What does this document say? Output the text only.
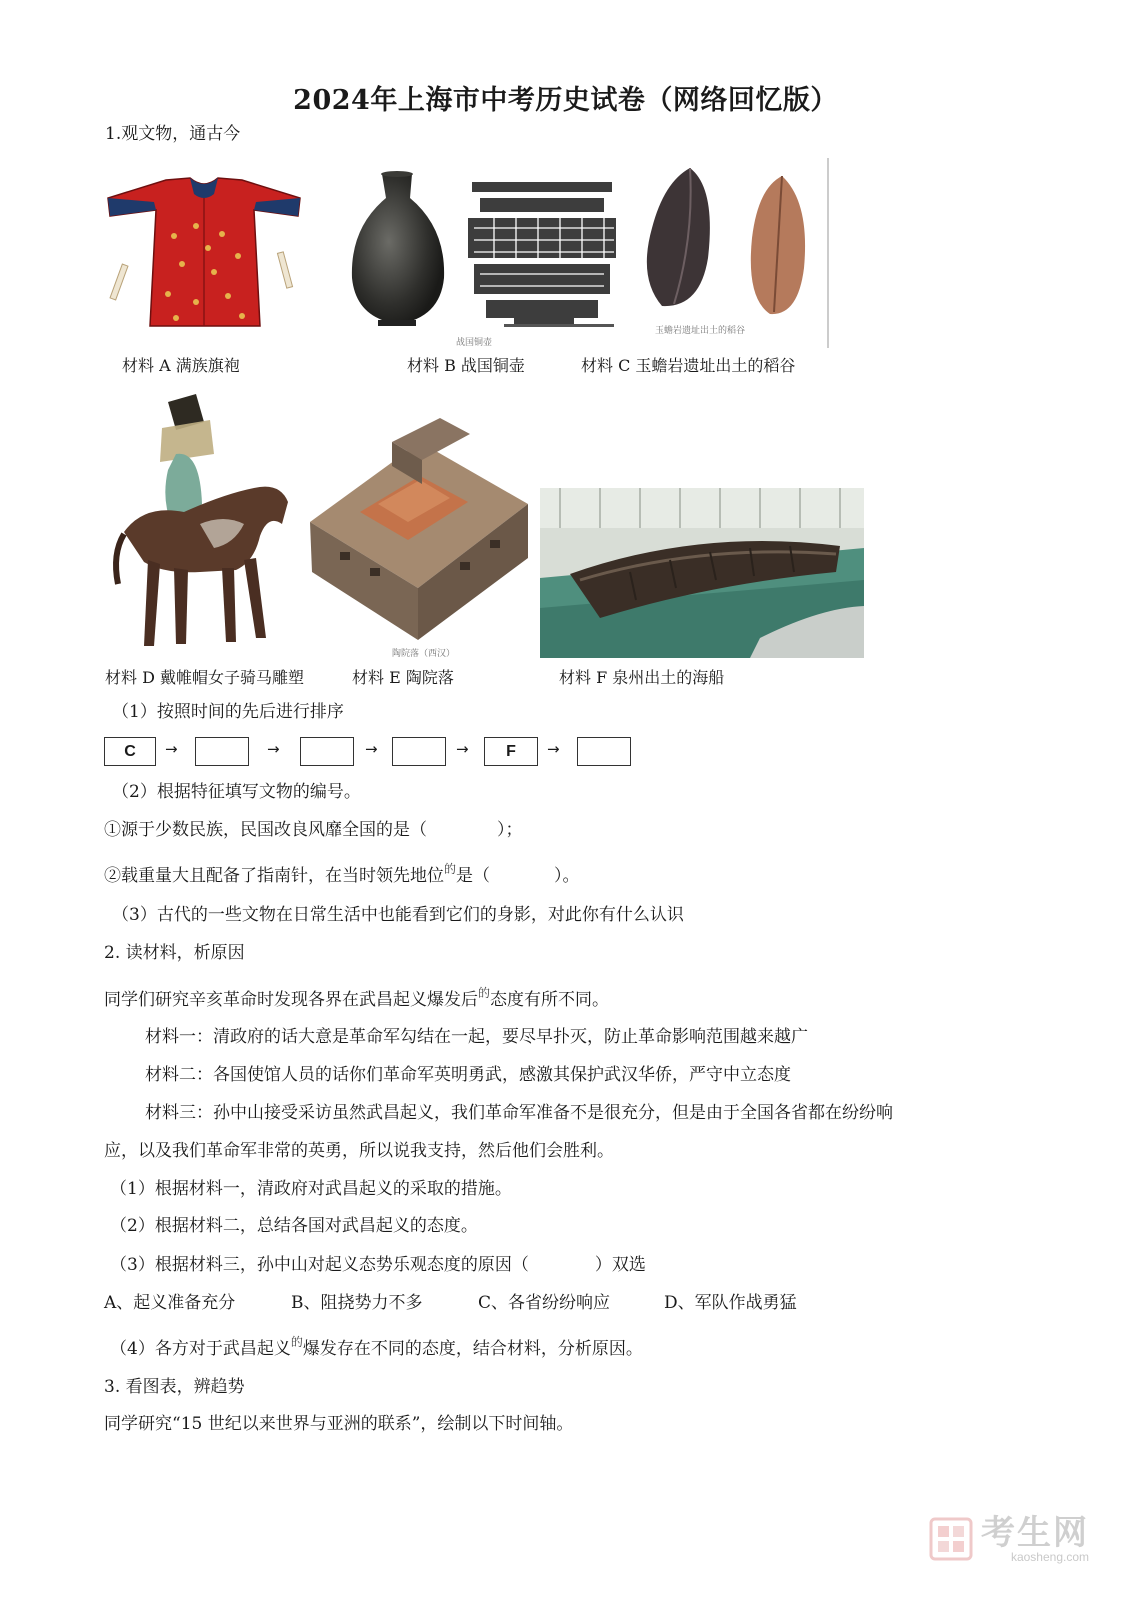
2024年上海市中考历史试卷（网络回忆版）
1.观文物，通古今
材料 A 满族旗袍
战国铜壶
材料 B 战国铜壶
玉蟾岩遗址出土的稻谷
材料 C 玉蟾岩遗址出土的稻谷
材料 D 戴帷帽女子骑马雕塑
陶院落（西汉）
材料 E 陶院落	材料 F 泉州出土的海船
（1）按照时间的先后进行排序
C	→	→	→	→	F	→
（2）根据特征填写文物的编号。
①源于少数民族，民国改良风靡全国的是（	）；
②载重量大且配备了指南针，在当时领先地位$^的$是（	）。
（3）古代的一些文物在日常生活中也能看到它们的身影，对此你有什么认识
2. 读材料，析原因
同学们研究辛亥革命时发现各界在武昌起义爆发后$^的$态度有所不同。
材料一：清政府的话大意是革命军勾结在一起，要尽早扑灭，防止革命影响范围越来越广
材料二：各国使馆人员的话你们革命军英明勇武，感激其保护武汉华侨，严守中立态度
材料三：孙中山接受采访虽然武昌起义，我们革命军准备不是很充分，但是由于全国各省都在纷纷响
应，以及我们革命军非常的英勇，所以说我支持，然后他们会胜利。
（1）根据材料一，清政府对武昌起义的采取的措施。
（2）根据材料二，总结各国对武昌起义的态度。
（3）根据材料三，孙中山对起义态势乐观态度的原因（	）双选
A、起义准备充分	B、阻挠势力不多	C、各省纷纷响应	D、军队作战勇猛
（4）各方对于武昌起义$^的$爆发存在不同的态度，结合材料，分析原因。
3. 看图表，辨趋势
同学研究“15 世纪以来世界与亚洲的联系”，绘制以下时间轴。
考生网
kaosheng.com
